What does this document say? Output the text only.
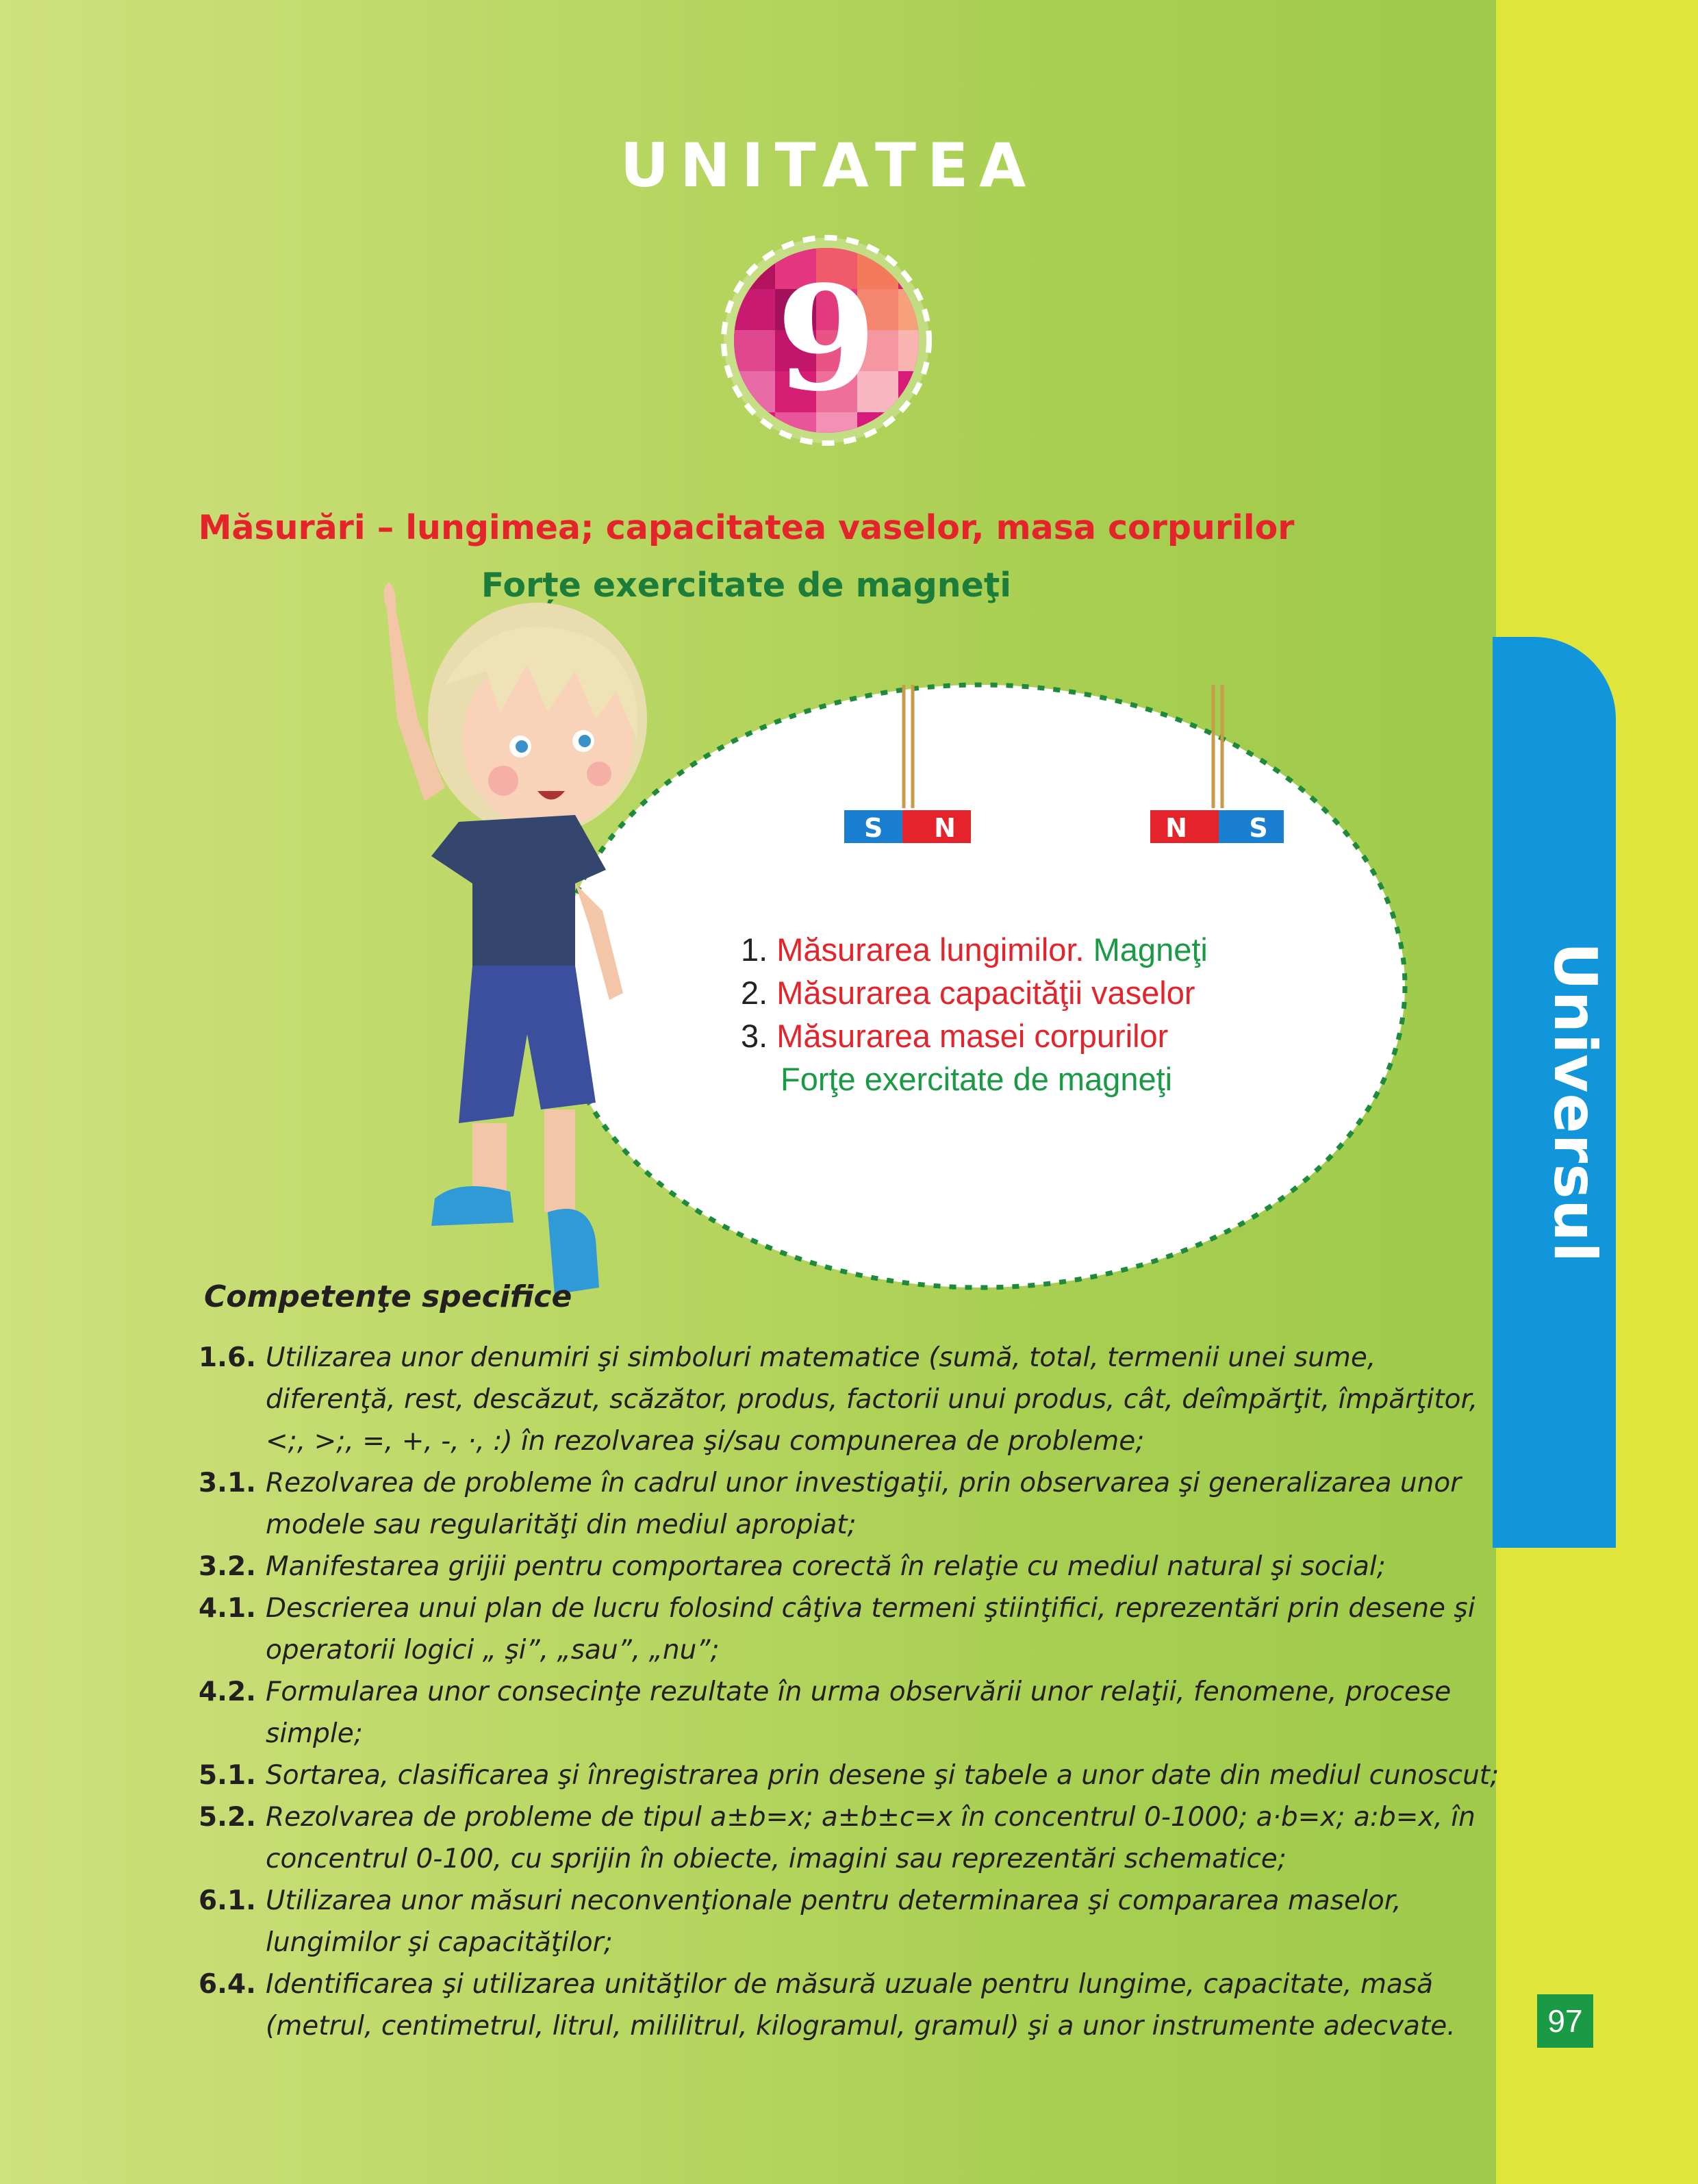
Universul
UNITATEA
9
Măsurări – lungimea; capacitatea vaselor, masa corpurilor
Forțe exercitate de magneţi
S N	N S
1. Măsurarea lungimilor. Magneţi
2. Măsurarea capacităţii vaselor
3. Măsurarea masei corpurilor
Forţe exercitate de magneţi
Competenţe specifice
1.6. Utilizarea unor denumiri şi simboluri matematice (sumă, total, termenii unei sume, diferenţă, rest, descăzut, scăzător, produs, factorii unui produs, cât, deîmpărţit, împărţitor, <;, >;, =, +, -, ·, :) în rezolvarea şi/sau compunerea de probleme;
3.1. Rezolvarea de probleme în cadrul unor investigaţii, prin observarea şi generalizarea unor modele sau regularităţi din mediul apropiat;
3.2. Manifestarea grijii pentru comportarea corectă în relaţie cu mediul natural şi social;
4.1. Descrierea unui plan de lucru folosind câţiva termeni ştiinţifici, reprezentări prin desene şi operatorii logici „ şi”, „sau”, „nu”;
4.2. Formularea unor consecinţe rezultate în urma observării unor relaţii, fenomene, procese simple;
5.1. Sortarea, clasificarea şi înregistrarea prin desene şi tabele a unor date din mediul cunoscut;
5.2. Rezolvarea de probleme de tipul a±b=x; a±b±c=x în concentrul 0-1000; a·b=x; a:b=x, în concentrul 0-100, cu sprijin în obiecte, imagini sau reprezentări schematice;
6.1. Utilizarea unor măsuri neconvenţionale pentru determinarea şi compararea maselor, lungimilor şi capacităţilor;
6.4. Identificarea şi utilizarea unităţilor de măsură uzuale pentru lungime, capacitate, masă (metrul, centimetrul, litrul, mililitrul, kilogramul, gramul) şi a unor instrumente adecvate.	97
